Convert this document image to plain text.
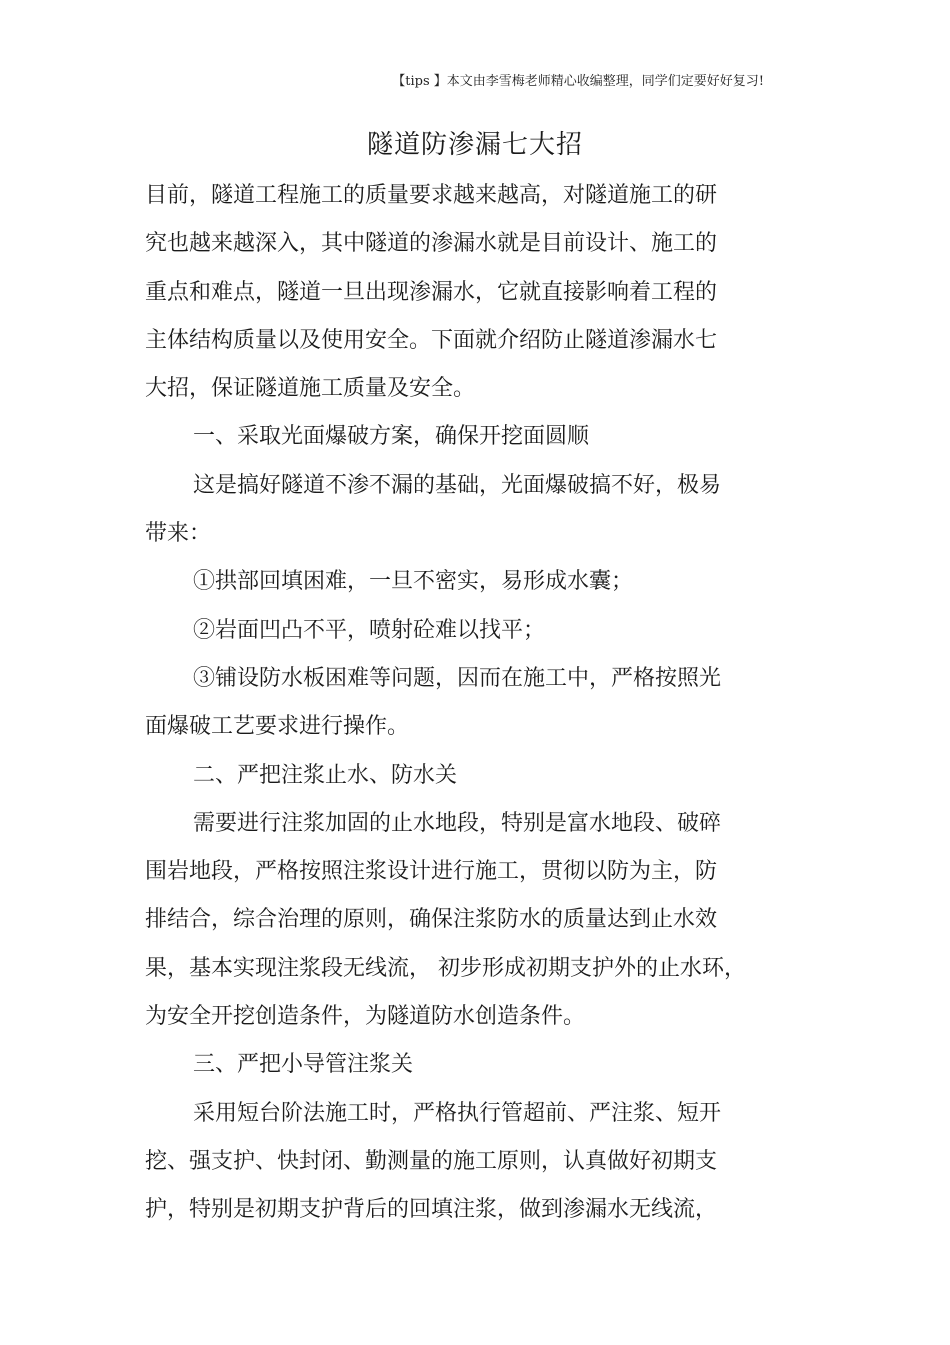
【tips 】本文由李雪梅老师精心收编整理，同学们定要好好复习!
隧道防渗漏七大招
目前，隧道工程施工的质量要求越来越高，对隧道施工的研
究也越来越深入，其中隧道的渗漏水就是目前设计、施工的
重点和难点，隧道一旦出现渗漏水，它就直接影响着工程的
主体结构质量以及使用安全。下面就介绍防止隧道渗漏水七
大招，保证隧道施工质量及安全。
一、采取光面爆破方案，确保开挖面圆顺
这是搞好隧道不渗不漏的基础，光面爆破搞不好，极易
带来：
①拱部回填困难，一旦不密实，易形成水囊；
②岩面凹凸不平，喷射砼难以找平；
③铺设防水板困难等问题，因而在施工中，严格按照光
面爆破工艺要求进行操作。
二、严把注浆止水、防水关
需要进行注浆加固的止水地段，特别是富水地段、破碎
围岩地段，严格按照注浆设计进行施工，贯彻以防为主，防
排结合，综合治理的原则，确保注浆防水的质量达到止水效
果，基本实现注浆段无线流， 初步形成初期支护外的止水环，
为安全开挖创造条件，为隧道防水创造条件。
三、严把小导管注浆关
采用短台阶法施工时，严格执行管超前、严注浆、短开
挖、强支护、快封闭、勤测量的施工原则，认真做好初期支
护，特别是初期支护背后的回填注浆，做到渗漏水无线流，
